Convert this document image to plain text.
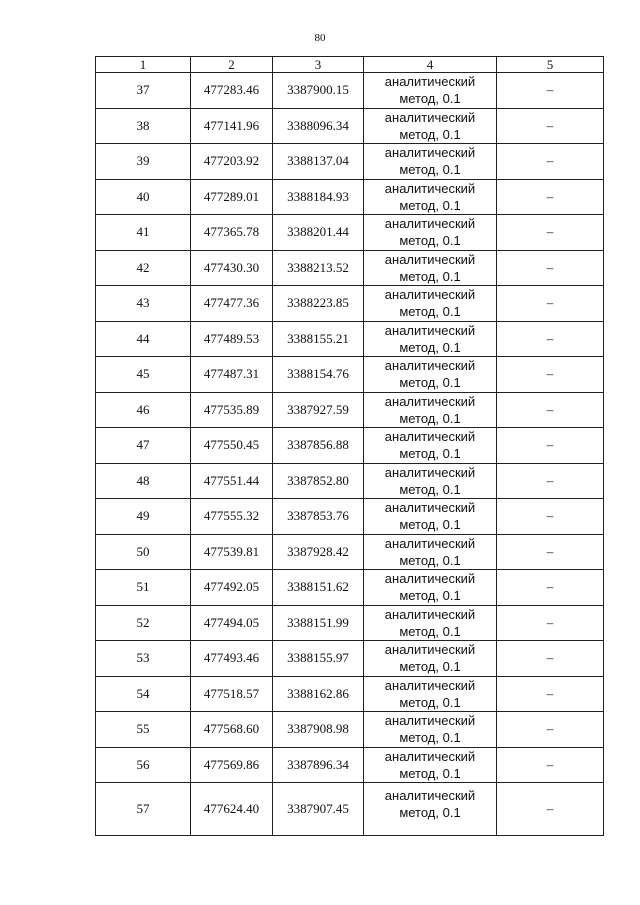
80
1	2	3	4	5
37	477283.46	3387900.15	аналитический
метод, 0.1	–
38	477141.96	3388096.34	аналитический
метод, 0.1	–
39	477203.92	3388137.04	аналитический
метод, 0.1	–
40	477289.01	3388184.93	аналитический
метод, 0.1	–
41	477365.78	3388201.44	аналитический
метод, 0.1	–
42	477430.30	3388213.52	аналитический
метод, 0.1	–
43	477477.36	3388223.85	аналитический
метод, 0.1	–
44	477489.53	3388155.21	аналитический
метод, 0.1	–
45	477487.31	3388154.76	аналитический
метод, 0.1	–
46	477535.89	3387927.59	аналитический
метод, 0.1	–
47	477550.45	3387856.88	аналитический
метод, 0.1	–
48	477551.44	3387852.80	аналитический
метод, 0.1	–
49	477555.32	3387853.76	аналитический
метод, 0.1	–
50	477539.81	3387928.42	аналитический
метод, 0.1	–
51	477492.05	3388151.62	аналитический
метод, 0.1	–
52	477494.05	3388151.99	аналитический
метод, 0.1	–
53	477493.46	3388155.97	аналитический
метод, 0.1	–
54	477518.57	3388162.86	аналитический
метод, 0.1	–
55	477568.60	3387908.98	аналитический
метод, 0.1	–
56	477569.86	3387896.34	аналитический
метод, 0.1	–
57	477624.40	3387907.45	аналитический
метод, 0.1	–
